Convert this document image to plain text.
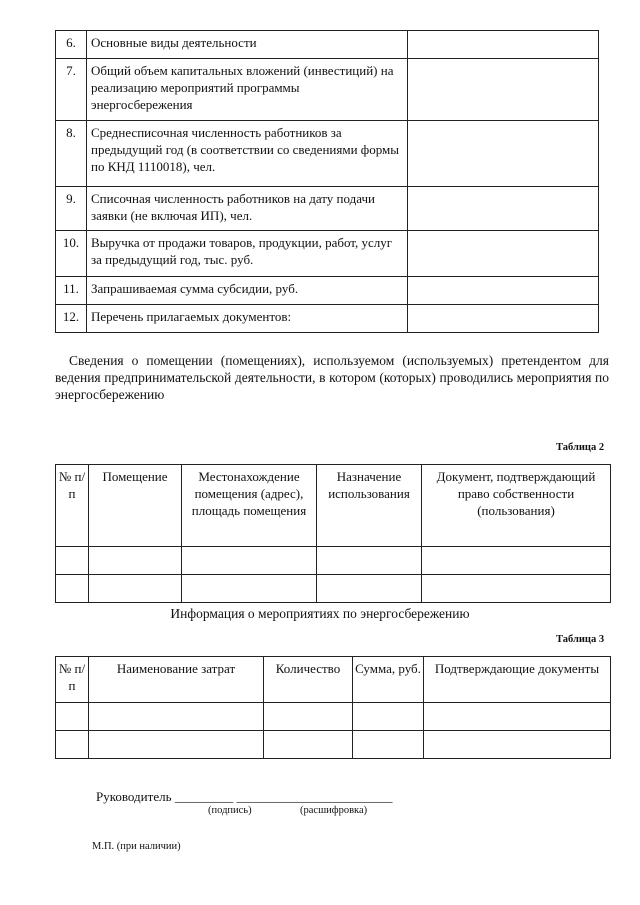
6.	Основные виды деятельности	
7.	Общий объем капитальных вложений (инвестиций) на реализацию мероприятий программы энергосбережения	
8.	Среднесписочная численность работников за предыдущий год (в соответствии со сведениями формы по КНД 1110018), чел.	
9.	Списочная численность работников на дату подачи заявки (не включая ИП), чел.	
10.	Выручка от продажи товаров, продукции, работ, услуг за предыдущий год, тыс. руб.	
11.	Запрашиваемая сумма субсидии, руб.	
12.	Перечень прилагаемых документов:	
Сведения о помещении (помещениях), используемом (используемых) претендентом для ведения предпринимательской деятельности, в котором (которых) проводились мероприятия по энергосбережению
Таблица 2
№ п/п	Помещение	Местонахождение помещения (адрес), площадь помещения	Назначение использования	Документ, подтверждающий право собственности (пользования)

Информация о мероприятиях по энергосбережению
Таблица 3
№ п/п	Наименование затрат	Количество	Сумма, руб.	Подтверждающие документы

Руководитель _________ ________________________
(подпись)	(расшифровка)
М.П. (при наличии)
